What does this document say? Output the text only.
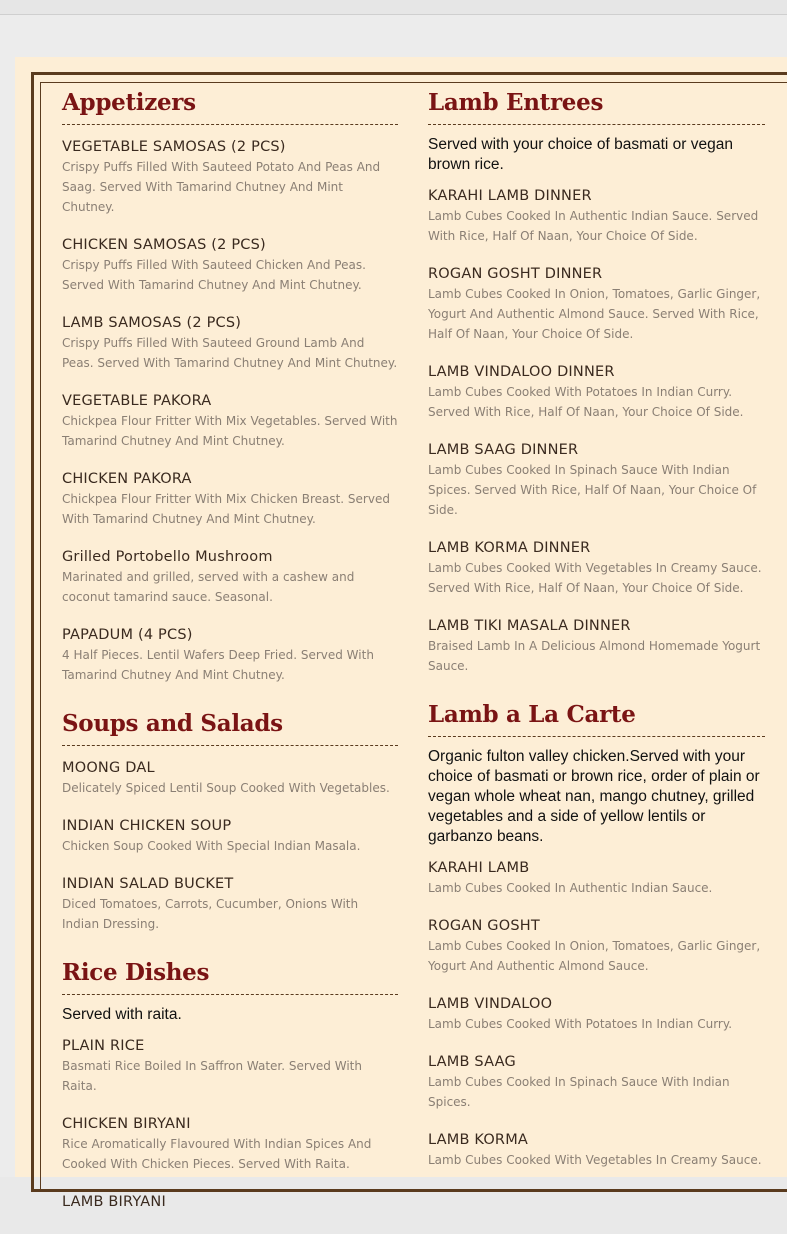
Appetizers
VEGETABLE SAMOSAS (2 PCS)
Crispy Puffs Filled With Sauteed Potato And Peas And Saag. Served With Tamarind Chutney And Mint Chutney.
CHICKEN SAMOSAS (2 PCS)
Crispy Puffs Filled With Sauteed Chicken And Peas. Served With Tamarind Chutney And Mint Chutney.
LAMB SAMOSAS (2 PCS)
Crispy Puffs Filled With Sauteed Ground Lamb And Peas. Served With Tamarind Chutney And Mint Chutney.
VEGETABLE PAKORA
Chickpea Flour Fritter With Mix Vegetables. Served With Tamarind Chutney And Mint Chutney.
CHICKEN PAKORA
Chickpea Flour Fritter With Mix Chicken Breast. Served With Tamarind Chutney And Mint Chutney.
Grilled Portobello Mushroom
Marinated and grilled, served with a cashew and coconut tamarind sauce. Seasonal.
PAPADUM (4 PCS)
4 Half Pieces. Lentil Wafers Deep Fried. Served With Tamarind Chutney And Mint Chutney.
Soups and Salads
MOONG DAL
Delicately Spiced Lentil Soup Cooked With Vegetables.
INDIAN CHICKEN SOUP
Chicken Soup Cooked With Special Indian Masala.
INDIAN SALAD BUCKET
Diced Tomatoes, Carrots, Cucumber, Onions With Indian Dressing.
Rice Dishes
Served with raita.
PLAIN RICE
Basmati Rice Boiled In Saffron Water. Served With Raita.
CHICKEN BIRYANI
Rice Aromatically Flavoured With Indian Spices And Cooked With Chicken Pieces. Served With Raita.
LAMB BIRYANI
Lamb Entrees
Served with your choice of basmati or vegan brown rice.
KARAHI LAMB DINNER
Lamb Cubes Cooked In Authentic Indian Sauce. Served With Rice, Half Of Naan, Your Choice Of Side.
ROGAN GOSHT DINNER
Lamb Cubes Cooked In Onion, Tomatoes, Garlic Ginger, Yogurt And Authentic Almond Sauce. Served With Rice, Half Of Naan, Your Choice Of Side.
LAMB VINDALOO DINNER
Lamb Cubes Cooked With Potatoes In Indian Curry. Served With Rice, Half Of Naan, Your Choice Of Side.
LAMB SAAG DINNER
Lamb Cubes Cooked In Spinach Sauce With Indian Spices. Served With Rice, Half Of Naan, Your Choice Of Side.
LAMB KORMA DINNER
Lamb Cubes Cooked With Vegetables In Creamy Sauce. Served With Rice, Half Of Naan, Your Choice Of Side.
LAMB TIKI MASALA DINNER
Braised Lamb In A Delicious Almond Homemade Yogurt Sauce.
Lamb a La Carte
Organic fulton valley chicken.Served with your choice of basmati or brown rice, order of plain or vegan whole wheat nan, mango chutney, grilled vegetables and a side of yellow lentils or garbanzo beans.
KARAHI LAMB
Lamb Cubes Cooked In Authentic Indian Sauce.
ROGAN GOSHT
Lamb Cubes Cooked In Onion, Tomatoes, Garlic Ginger, Yogurt And Authentic Almond Sauce.
LAMB VINDALOO
Lamb Cubes Cooked With Potatoes In Indian Curry.
LAMB SAAG
Lamb Cubes Cooked In Spinach Sauce With Indian Spices.
LAMB KORMA
Lamb Cubes Cooked With Vegetables In Creamy Sauce.
